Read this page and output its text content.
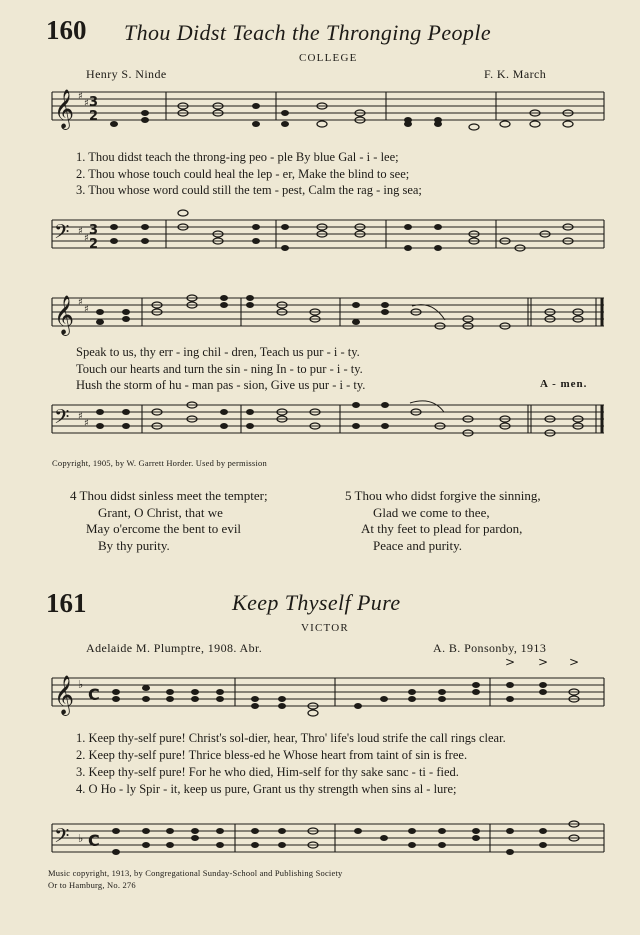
160 Thou Didst Teach the Thronging People
COLLEGE
Henry S. Ninde	F. K. March
𝄞 ♯
♯ 3
2
𝄢 ♯
♯
3
2
𝄞 ♯
♯
𝄢 ♯
♯
𝄞 ♭
C
> > >
𝄢 ♭ C
1. Thou didst teach the throng-ing peo - ple By blue Gal - i - lee;
2. Thou whose touch could heal the lep - er, Make the blind to see;
3. Thou whose word could still the tem - pest, Calm the rag - ing sea;
Speak to us, thy err - ing chil - dren, Teach us pur - i - ty.
Touch our hearts and turn the sin - ning In - to pur - i - ty.
Hush the storm of hu - man pas - sion, Give us pur - i - ty.	A - men.
Copyright, 1905, by W. Garrett Horder. Used by permission
4 Thou didst sinless meet the tempter;
Grant, O Christ, that we
May o'ercome the bent to evil
By thy purity.
5 Thou who didst forgive the sinning,
Glad we come to thee,
At thy feet to plead for pardon,
Peace and purity.
161	Keep Thyself Pure
VICTOR
Adelaide M. Plumptre, 1908. Abr.	A. B. Ponsonby, 1913
1. Keep thy-self pure! Christ's sol-dier, hear, Thro' life's loud strife the call rings clear.
2. Keep thy-self pure! Thrice bless-ed he Whose heart from taint of sin is free.
3. Keep thy-self pure! For he who died, Him-self for thy sake sanc - ti - fied.
4. O Ho - ly Spir - it, keep us pure, Grant us thy strength when sins al - lure;
Music copyright, 1913, by Congregational Sunday-School and Publishing Society
Or to Hamburg, No. 276
